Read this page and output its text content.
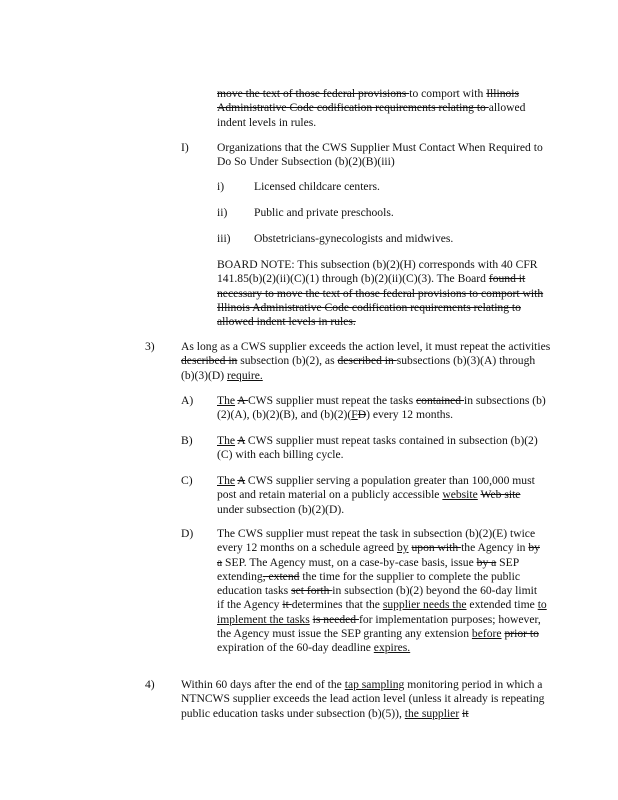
move the text of those federal provisions to comport with Illinois Administrative Code codification requirements relating to allowed indent levels in rules.

I) Organizations that the CWS Supplier Must Contact When Required to Do So Under Subsection (b)(2)(B)(iii)

i)	Licensed childcare centers.

ii) Public and private preschools.

iii) Obstetricians-gynecologists and midwives.

BOARD NOTE: This subsection (b)(2)(H) corresponds with 40 CFR 141.85(b)(2)(ii)(C)(1) through (b)(2)(ii)(C)(3). The Board found it necessary to move the text of those federal provisions to comport with Illinois Administrative Code codification requirements relating to allowed indent levels in rules.

3) As long as a CWS supplier exceeds the action level, it must repeat the activities described in subsection (b)(2), as described in subsections (b)(3)(A) through (b)(3)(D) require.

A) The A CWS supplier must repeat the tasks contained in subsections (b)(2)(A), (b)(2)(B), and (b)(2)(FD) every 12 months.

B) The A CWS supplier must repeat tasks contained in subsection (b)(2)(C) with each billing cycle.

C) The A CWS supplier serving a population greater than 100,000 must post and retain material on a publicly accessible website Web site under subsection (b)(2)(D).

D) The CWS supplier must repeat the task in subsection (b)(2)(E) twice every 12 months on a schedule agreed by upon with the Agency in by a SEP. The Agency must, on a case-by-case basis, issue by a SEP extending, extend the time for the supplier to complete the public education tasks set forth in subsection (b)(2) beyond the 60-day limit if the Agency it determines that the supplier needs the extended time to implement the tasks is needed for implementation purposes; however, the Agency must issue the SEP granting any extension before prior to expiration of the 60-day deadline expires.

4) Within 60 days after the end of the tap sampling monitoring period in which a NTNCWS supplier exceeds the lead action level (unless it already is repeating public education tasks under subsection (b)(5)), the supplier it
